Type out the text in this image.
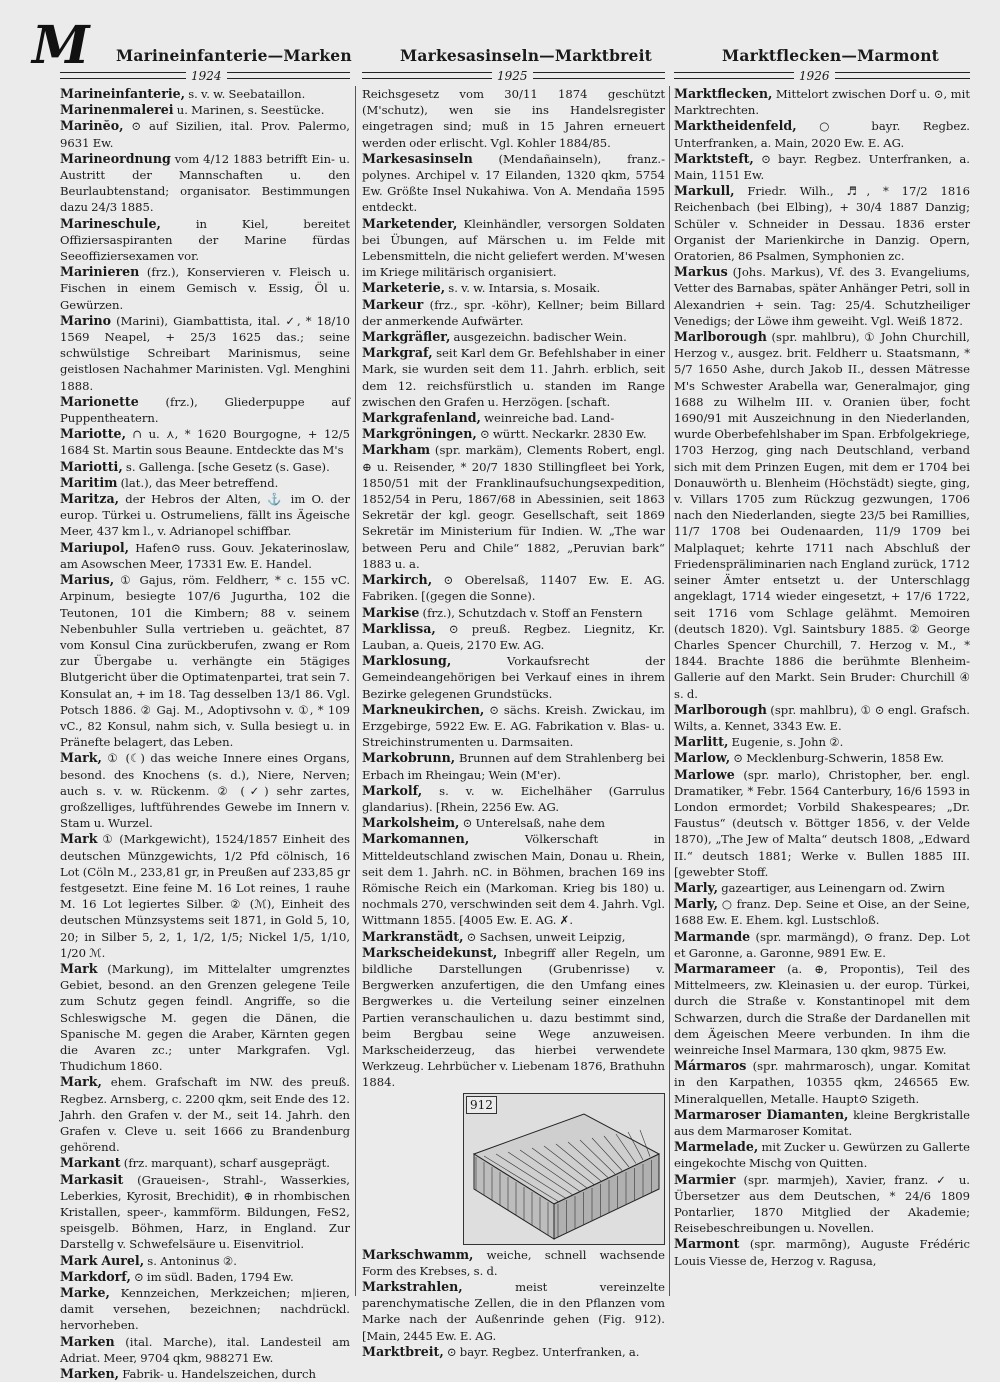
M Marineinfanterie—Marken	Markesasinseln—Marktbreit	Marktflecken—Marmont
1924	1925	1926

Marineinfanterie, s. v. w. Seebataillon.

Marinenmalerei u. Marinen, s. Seestücke.

Marinĕo, ⊙ auf Sizilien, ital. Prov. Palermo, 9631 Ew.

Marineordnung vom 4/12 1883 betrifft Ein- u. Austritt der Mannschaften u. den Beurlaubtenstand; organisator. Bestimmungen dazu 24/3 1885.

Marineschule, in Kiel, bereitet Offiziersaspiranten der Marine fürdas Seeoffiziersexamen vor.

Marinieren (frz.), Konservieren v. Fleisch u. Fischen in einem Gemisch v. Essig, Öl u. Gewürzen.

Marino (Marini), Giambattista, ital. ✓, * 18/10 1569 Neapel, + 25/3 1625 das.; seine schwülstige Schreibart Marinismus, seine geistlosen Nachahmer Marinisten. Vgl. Menghini 1888.

Marionette (frz.), Gliederpuppe auf Puppentheatern.

Mariotte, ∩ u. ⋏, * 1620 Bourgogne, + 12/5 1684 St. Martin sous Beaune. Entdeckte das M's

Mariotti, s. Gallenga. [sche Gesetz (s. Gase).

Maritim (lat.), das Meer betreffend.

Maritza, der Hebros der Alten, ⚓ im O. der europ. Türkei u. Ostrumeliens, fällt ins Ägeische Meer, 437 km l., v. Adrianopel schiffbar.

Mariupol, Hafen⊙ russ. Gouv. Jekaterinoslaw, am Asowschen Meer, 17331 Ew. E. Handel.

Marius, ① Gajus, röm. Feldherr, * c. 155 vC. Arpinum, besiegte 107/6 Jugurtha, 102 die Teutonen, 101 die Kimbern; 88 v. seinem Nebenbuhler Sulla vertrieben u. geächtet, 87 vom Konsul Cina zurückberufen, zwang er Rom zur Übergabe u. verhängte ein 5tägiges Blutgericht über die Optimatenpartei, trat sein 7. Konsulat an, + im 18. Tag desselben 13/1 86. Vgl. Potsch 1886. ② Gaj. M., Adoptivsohn v. ①, * 109 vC., 82 Konsul, nahm sich, v. Sulla besiegt u. in Pränefte belagert, das Leben.

Mark, ① (☾) das weiche Innere eines Organs, besond. des Knochens (s. d.), Niere, Nerven; auch s. v. w. Rückenm. ② (✓) sehr zartes, großzelliges, luftführendes Gewebe im Innern v. Stam u. Wurzel.

Mark ① (Markgewicht), 1524/1857 Einheit des deutschen Münzgewichts, 1/2 Pfd cölnisch, 16 Lot (Cöln M., 233,81 gr, in Preußen auf 233,85 gr festgesetzt. Eine feine M. 16 Lot reines, 1 rauhe M. 16 Lot legiertes Silber. ② (ℳ), Einheit des deutschen Münzsystems seit 1871, in Gold 5, 10, 20; in Silber 5, 2, 1, 1/2, 1/5; Nickel 1/5, 1/10, 1/20 ℳ.

Mark (Markung), im Mittelalter umgrenztes Gebiet, besond. an den Grenzen gelegene Teile zum Schutz gegen feindl. Angriffe, so die Schleswigsche M. gegen die Dänen, die Spanische M. gegen die Araber, Kärnten gegen die Avaren zc.; unter Markgrafen. Vgl. Thudichum 1860.

Mark, ehem. Grafschaft im NW. des preuß. Regbez. Arnsberg, c. 2200 qkm, seit Ende des 12. Jahrh. den Grafen v. der M., seit 14. Jahrh. den Grafen v. Cleve u. seit 1666 zu Brandenburg gehörend.

Markant (frz. marquant), scharf ausgeprägt.

Markasit (Graueisen-, Strahl-, Wasserkies, Leberkies, Kyrosit, Brechidit), ⊕ in rhombischen Kristallen, speer-, kammförm. Bildungen, FeS2, speisgelb. Böhmen, Harz, in England. Zur Darstellg v. Schwefelsäure u. Eisenvitriol.

Mark Aurel, s. Antoninus ②.

Markdorf, ⊙ im südl. Baden, 1794 Ew.

Marke, Kennzeichen, Merkzeichen; m|ieren, damit versehen, bezeichnen; nachdrückl. hervorheben.

Marken (ital. Marche), ital. Landesteil am Adriat. Meer, 9704 qkm, 988271 Ew.

Marken, Fabrik- u. Handelszeichen, durch

Reichsgesetz vom 30/11 1874 geschützt (M'schutz), wen sie ins Handelsregister eingetragen sind; muß in 15 Jahren erneuert werden oder erlischt. Vgl. Kohler 1884/85.

Markesasinseln (Mendañainseln), franz.-polynes. Archipel v. 17 Eilanden, 1320 qkm, 5754 Ew. Größte Insel Nukahiwa. Von A. Mendaña 1595 entdeckt.

Marketender, Kleinhändler, versorgen Soldaten bei Übungen, auf Märschen u. im Felde mit Lebensmitteln, die nicht geliefert werden. M'wesen im Kriege militärisch organisiert.

Marketerie, s. v. w. Intarsia, s. Mosaik.

Markeur (frz., spr. -köhr), Kellner; beim Billard der anmerkende Aufwärter.

Markgräfler, ausgezeichn. badischer Wein.

Markgraf, seit Karl dem Gr. Befehlshaber in einer Mark, sie wurden seit dem 11. Jahrh. erblich, seit dem 12. reichsfürstlich u. standen im Range zwischen den Grafen u. Herzögen. [schaft.

Markgrafenland, weinreiche bad. Land-

Markgröningen, ⊙ württ. Neckarkr. 2830 Ew.

Markham (spr. markäm), Clements Robert, engl. ⊕ u. Reisender, * 20/7 1830 Stillingfleet bei York, 1850/51 mit der Franklinaufsuchungsexpedition, 1852/54 in Peru, 1867/68 in Abessinien, seit 1863 Sekretär der kgl. geogr. Gesellschaft, seit 1869 Sekretär im Ministerium für Indien. W. „The war between Peru and Chile“ 1882, „Peruvian bark“ 1883 u. a.

Markirch, ⊙ Oberelsaß, 11407 Ew. E. AG. Fabriken. [(gegen die Sonne).

Markise (frz.), Schutzdach v. Stoff an Fenstern

Marklissa, ⊙ preuß. Regbez. Liegnitz, Kr. Lauban, a. Queis, 2170 Ew. AG.

Marklosung, Vorkaufsrecht der Gemeindeangehörigen bei Verkauf eines in ihrem Bezirke gelegenen Grundstücks.

Markneukirchen, ⊙ sächs. Kreish. Zwickau, im Erzgebirge, 5922 Ew. E. AG. Fabrikation v. Blas- u. Streichinstrumenten u. Darmsaiten.

Markobrunn, Brunnen auf dem Strahlenberg bei Erbach im Rheingau; Wein (M'er).

Markolf, s. v. w. Eichelhäher (Garrulus glandarius). [Rhein, 2256 Ew. AG.

Markolsheim, ⊙ Unterelsaß, nahe dem

Markomannen, Völkerschaft in Mitteldeutschland zwischen Main, Donau u. Rhein, seit dem 1. Jahrh. nC. in Böhmen, brachen 169 ins Römische Reich ein (Markoman. Krieg bis 180) u. nochmals 270, verschwinden seit dem 4. Jahrh. Vgl. Wittmann 1855. [4005 Ew. E. AG. ✗.

Markranstädt, ⊙ Sachsen, unweit Leipzig,

Markscheidekunst, Inbegriff aller Regeln, um bildliche Darstellungen (Grubenrisse) v. Bergwerken anzufertigen, die den Umfang eines Bergwerkes u. die Verteilung seiner einzelnen Partien veranschaulichen u. dazu bestimmt sind, beim Bergbau seine Wege anzuweisen. Markscheiderzeug, das hierbei verwendete Werkzeug. Lehrbücher v. Liebenam 1876, Brathuhn 1884.

912
Markschwamm, weiche, schnell wachsende Form des Krebses, s. d.

Markstrahlen, meist vereinzelte parenchymatische Zellen, die in den Pflanzen vom Marke nach der Außenrinde gehen (Fig. 912). [Main, 2445 Ew. E. AG.

Marktbreit, ⊙ bayr. Regbez. Unterfranken, a.

Marktflecken, Mittelort zwischen Dorf u. ⊙, mit Marktrechten.

Marktheidenfeld, ○ bayr. Regbez. Unterfranken, a. Main, 2020 Ew. E. AG.

Marktsteft, ⊙ bayr. Regbez. Unterfranken, a. Main, 1151 Ew.

Markull, Friedr. Wilh., ♬, * 17/2 1816 Reichenbach (bei Elbing), + 30/4 1887 Danzig; Schüler v. Schneider in Dessau. 1836 erster Organist der Marienkirche in Danzig. Opern, Oratorien, 86 Psalmen, Symphonien zc.

Markus (Johs. Markus), Vf. des 3. Evangeliums, Vetter des Barnabas, später Anhänger Petri, soll in Alexandrien + sein. Tag: 25/4. Schutzheiliger Venedigs; der Löwe ihm geweiht. Vgl. Weiß 1872.

Marlborough (spr. mahlbru), ① John Churchill, Herzog v., ausgez. brit. Feldherr u. Staatsmann, * 5/7 1650 Ashe, durch Jakob II., dessen Mätresse M's Schwester Arabella war, Generalmajor, ging 1688 zu Wilhelm III. v. Oranien über, focht 1690/91 mit Auszeichnung in den Niederlanden, wurde Oberbefehlshaber im Span. Erbfolgekriege, 1703 Herzog, ging nach Deutschland, verband sich mit dem Prinzen Eugen, mit dem er 1704 bei Donauwörth u. Blenheim (Höchstädt) siegte, ging, v. Villars 1705 zum Rückzug gezwungen, 1706 nach den Niederlanden, siegte 23/5 bei Ramillies, 11/7 1708 bei Oudenaarden, 11/9 1709 bei Malplaquet; kehrte 1711 nach Abschluß der Friedenspräliminarien nach England zurück, 1712 seiner Ämter entsetzt u. der Unterschlagg angeklagt, 1714 wieder eingesetzt, + 17/6 1722, seit 1716 vom Schlage gelähmt. Memoiren (deutsch 1820). Vgl. Saintsbury 1885. ② George Charles Spencer Churchill, 7. Herzog v. M., * 1844. Brachte 1886 die berühmte Blenheim-Gallerie auf den Markt. Sein Bruder: Churchill ④ s. d.

Marlborough (spr. mahlbru), ① ⊙ engl. Grafsch. Wilts, a. Kennet, 3343 Ew. E.

Marlitt, Eugenie, s. John ②.

Marlow, ⊙ Mecklenburg-Schwerin, 1858 Ew.

Marlowe (spr. marlo), Christopher, ber. engl. Dramatiker, * Febr. 1564 Canterbury, 16/6 1593 in London ermordet; Vorbild Shakespeares; „Dr. Faustus“ (deutsch v. Böttger 1856, v. der Velde 1870), „The Jew of Malta“ deutsch 1808, „Edward II.“ deutsch 1881; Werke v. Bullen 1885 III. [gewebter Stoff.

Marly, gazeartiger, aus Leinengarn od. Zwirn

Marly, ○ franz. Dep. Seine et Oise, an der Seine, 1688 Ew. E. Ehem. kgl. Lustschloß.

Marmande (spr. marmängd), ⊙ franz. Dep. Lot et Garonne, a. Garonne, 9891 Ew. E.

Marmarameer (a. ⊕, Propontis), Teil des Mittelmeers, zw. Kleinasien u. der europ. Türkei, durch die Straße v. Konstantinopel mit dem Schwarzen, durch die Straße der Dardanellen mit dem Ägeischen Meere verbunden. In ihm die weinreiche Insel Marmara, 130 qkm, 9875 Ew.

Mármaros (spr. mahrmarosch), ungar. Komitat in den Karpathen, 10355 qkm, 246565 Ew. Mineralquellen, Metalle. Haupt⊙ Szigeth.

Marmaroser Diamanten, kleine Bergkristalle aus dem Marmaroser Komitat.

Marmelade, mit Zucker u. Gewürzen zu Gallerte eingekochte Mischg von Quitten.

Marmier (spr. marmjeh), Xavier, franz. ✓ u. Übersetzer aus dem Deutschen, * 24/6 1809 Pontarlier, 1870 Mitglied der Akademie; Reisebeschreibungen u. Novellen.

Marmont (spr. marmōng), Auguste Frédéric Louis Viesse de, Herzog v. Ragusa,
